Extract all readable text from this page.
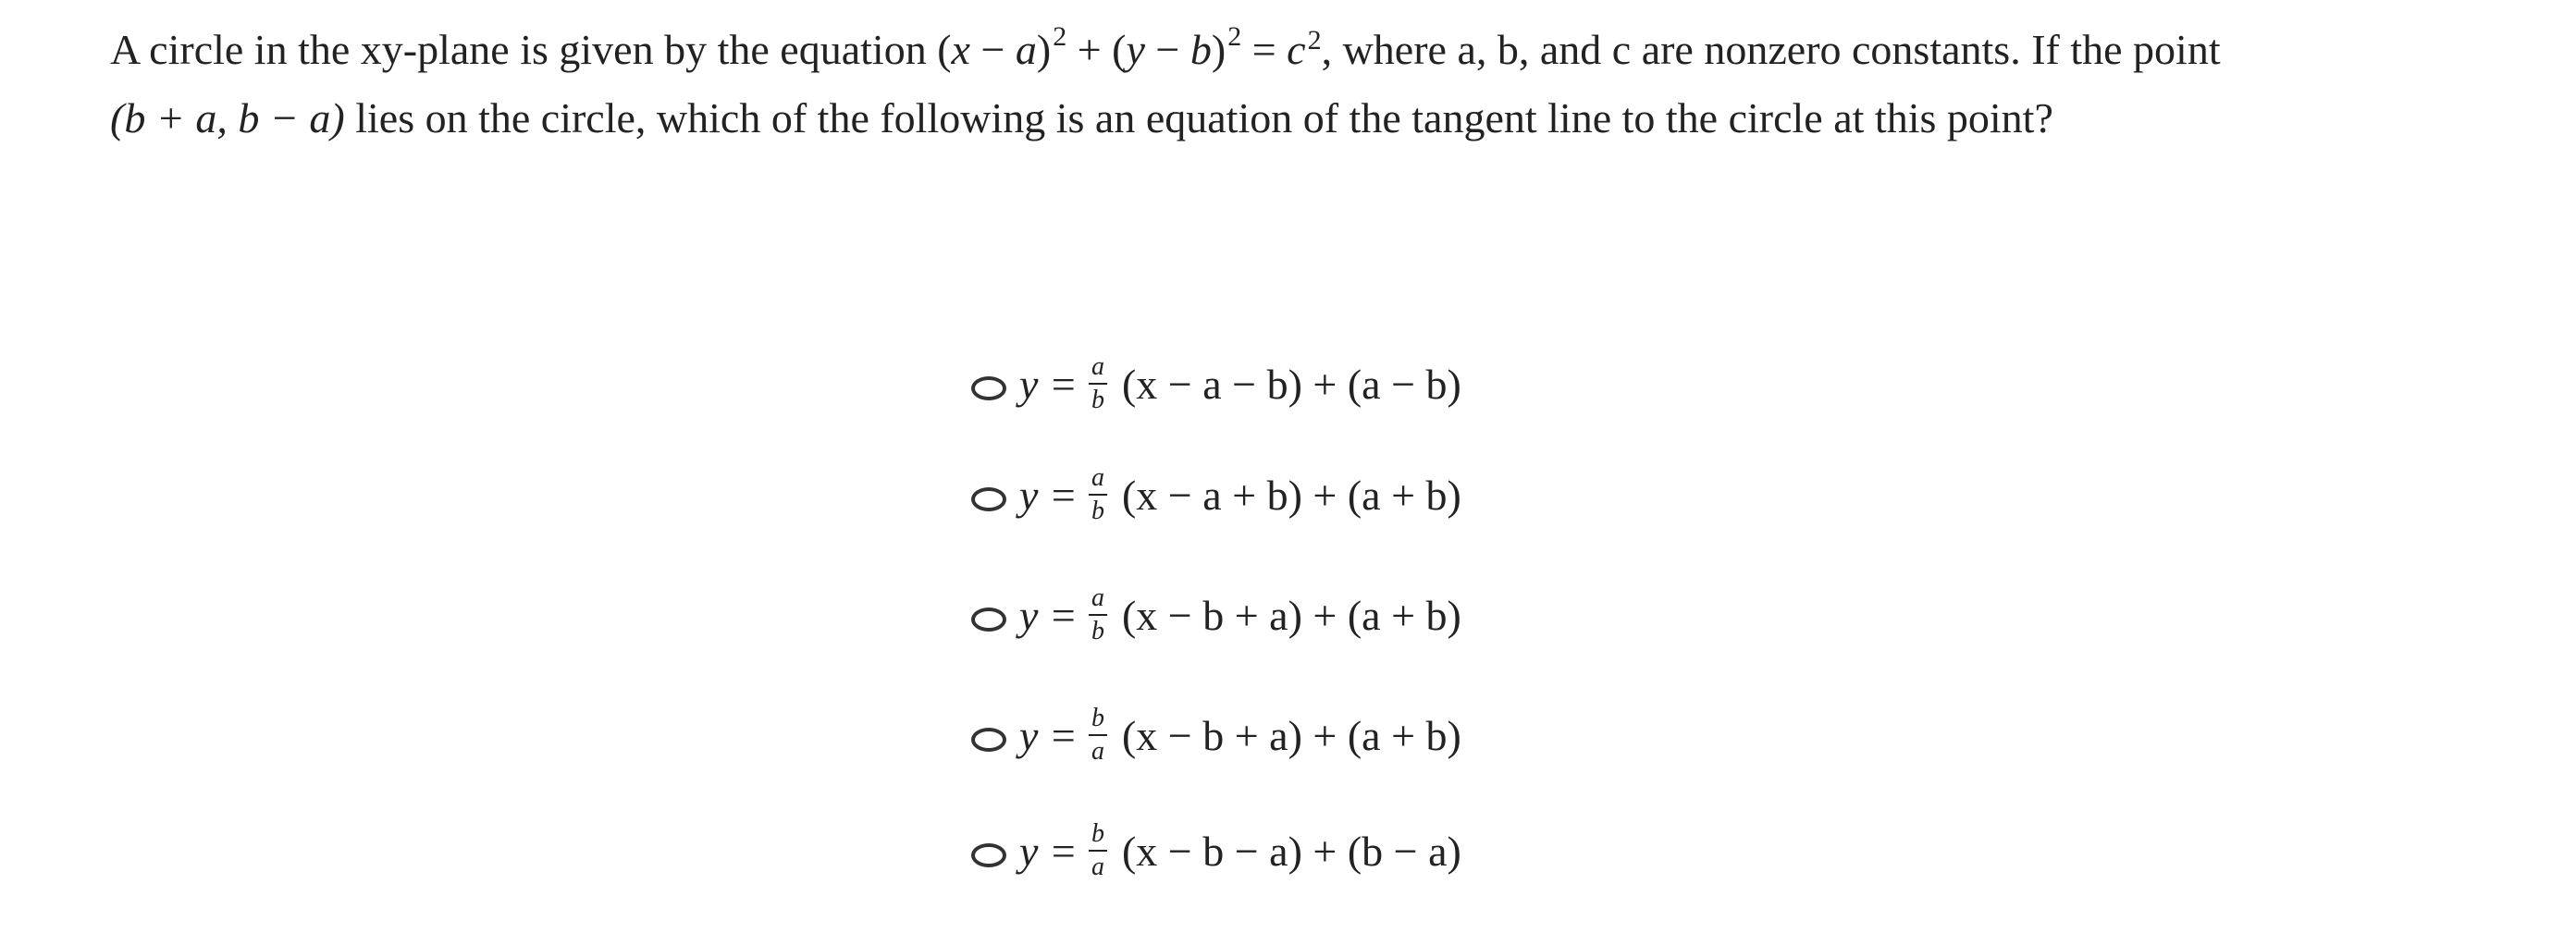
A circle in the xy-plane is given by the equation $(x - a)^2 + (y - b)^2 = c^2$, where a, b, and c are nonzero constants. If the point
(b + a, b − a) lies on the circle, which of the following is an equation of the tangent line to the circle at this point?
$y = \frac{a}{b} (x - a - b) + (a - b)$
$y = \frac{a}{b} (x - a + b) + (a + b)$
$y = \frac{a}{b} (x - b + a) + (a + b)$
$y = \frac{b}{a} (x - b + a) + (a + b)$
$y = \frac{b}{a} (x - b - a) + (b - a)$
